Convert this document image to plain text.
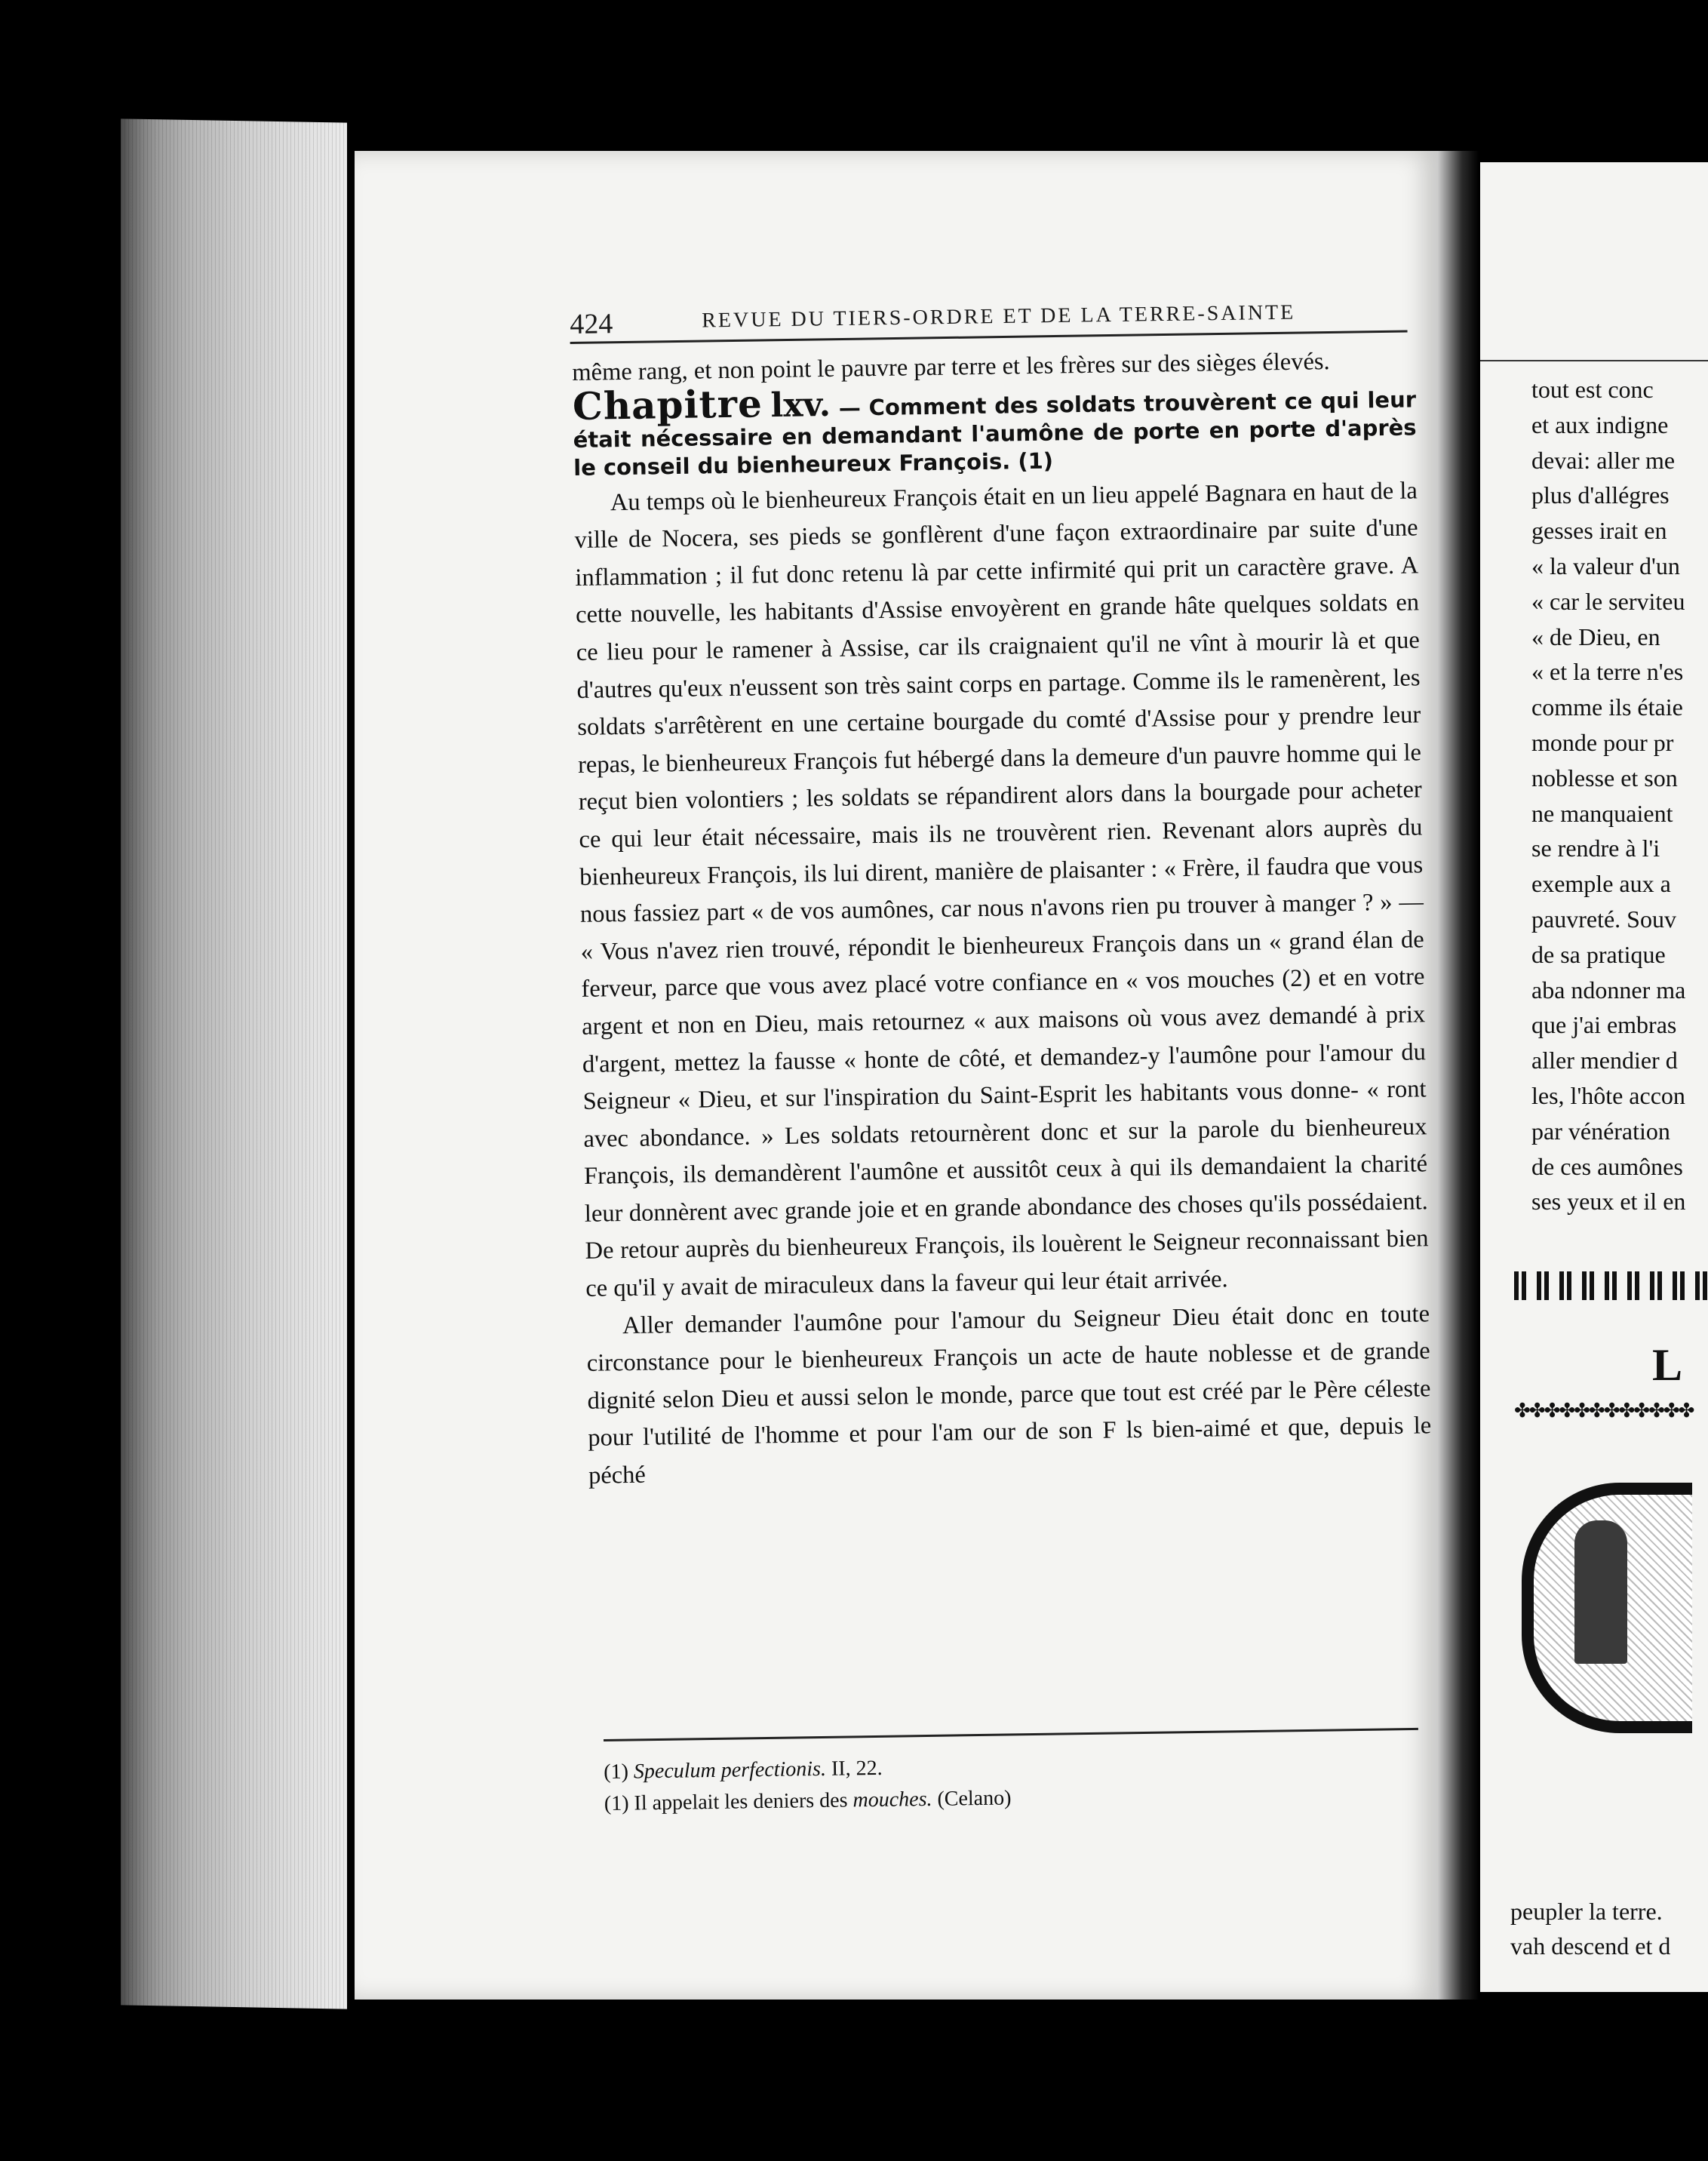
424	REVUE DU TIERS-ORDRE ET DE LA TERRE-SAINTE

même rang, et non point le pauvre par terre et les frères sur des sièges élevés.

Chapitre lxv. — Comment des soldats trouvèrent ce qui leur était nécessaire en demandant l'aumône de porte en porte d'après le conseil du bienheureux François. (1)

Au temps où le bienheureux François était en un lieu appelé Bagnara en haut de la ville de Nocera, ses pieds se gonflèrent d'une façon extraordinaire par suite d'une inflammation ; il fut donc retenu là par cette infirmité qui prit un caractère grave. A cette nouvelle, les habitants d'Assise envoyèrent en grande hâte quelques soldats en ce lieu pour le ramener à Assise, car ils craignaient qu'il ne vînt à mourir là et que d'autres qu'eux n'eussent son très saint corps en partage. Comme ils le ramenèrent, les soldats s'arrêtèrent en une certaine bourgade du comté d'Assise pour y prendre leur repas, le bienheureux François fut hébergé dans la demeure d'un pauvre homme qui le reçut bien volontiers ; les soldats se répandirent alors dans la bourgade pour acheter ce qui leur était nécessaire, mais ils ne trouvèrent rien. Revenant alors auprès du bienheureux François, ils lui dirent, manière de plaisanter : « Frère, il faudra que vous nous fassiez part « de vos aumônes, car nous n'avons rien pu trouver à manger ? » — « Vous n'avez rien trouvé, répondit le bienheureux François dans un « grand élan de ferveur, parce que vous avez placé votre confiance en « vos mouches (2) et en votre argent et non en Dieu, mais retournez « aux maisons où vous avez demandé à prix d'argent, mettez la fausse « honte de côté, et demandez-y l'aumône pour l'amour du Seigneur « Dieu, et sur l'inspiration du Saint-Esprit les habitants vous donne- « ront avec abondance. » Les soldats retournèrent donc et sur la parole du bienheureux François, ils demandèrent l'aumône et aussitôt ceux à qui ils demandaient la charité leur donnèrent avec grande joie et en grande abondance des choses qu'ils possédaient. De retour auprès du bienheureux François, ils louèrent le Seigneur reconnaissant bien ce qu'il y avait de miraculeux dans la faveur qui leur était arrivée.

Aller demander l'aumône pour l'amour du Seigneur Dieu était donc en toute circonstance pour le bienheureux François un acte de haute noblesse et de grande dignité selon Dieu et aussi selon le monde, parce que tout est créé par le Père céleste pour l'utilité de l'homme et pour l'am our de son F ls bien-aimé et que, depuis le péché

(1) Speculum perfectionis. II, 22.
(1) Il appelait les deniers des mouches. (Celano)
tout est conc
et aux indigne
devai: aller me
plus d'allégres
gesses irait en
« la valeur d'un
« car le serviteu
« de Dieu, en
« et la terre n'es
comme ils étaie
monde pour pr
noblesse et son
ne manquaient
se rendre à l'i
exemple aux a
pauvreté. Souv
de sa pratique
aba ndonner ma
que j'ai embras
aller mendier d
les, l'hôte accon
par vénération
de ces aumônes
ses yeux et il en
L
✤✤✤✤✤✤✤✤✤✤✤✤
peupler la terre.
vah descend et d
